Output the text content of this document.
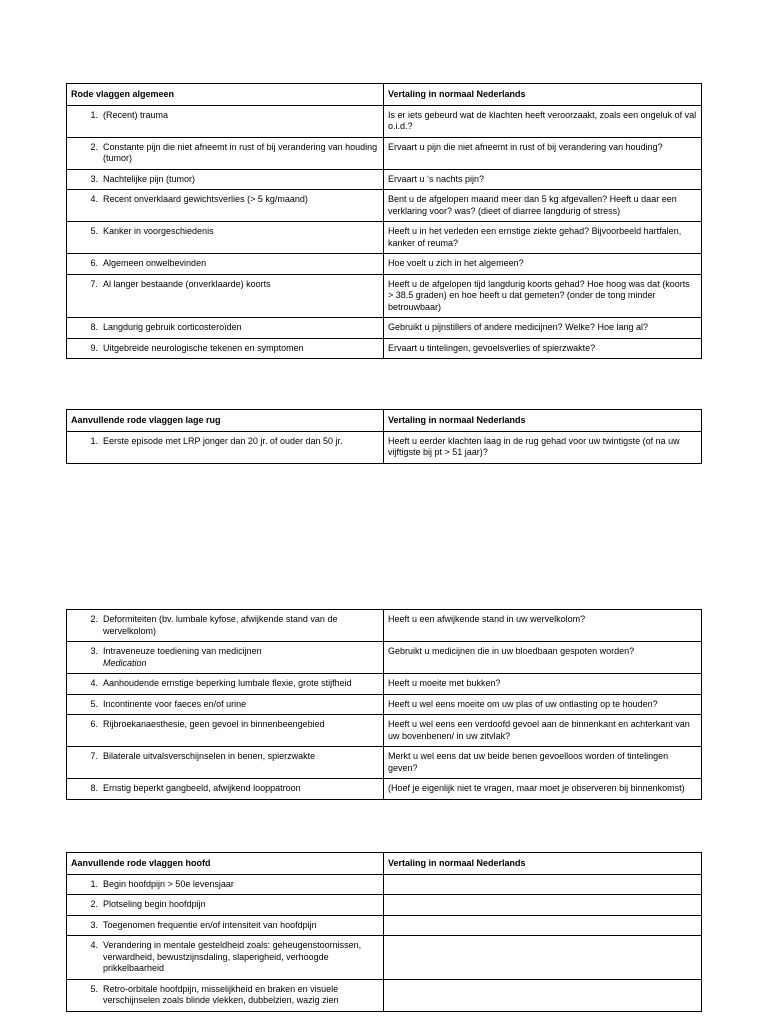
Rode vlaggen algemeen	Vertaling in normaal Nederlands

1. (Recent) trauma	Is er iets gebeurd wat de klachten heeft veroorzaakt, zoals een ongeluk of val o.i.d.?

2. Constante pijn die niet afneemt in rust of bij verandering van houding (tumor)	Ervaart u pijn die niet afneemt in rust of bij verandering van houding?

3. Nachtelijke pijn (tumor)	Ervaart u ‘s nachts pijn?

4. Recent onverklaard gewichtsverlies (> 5 kg/maand)	Bent u de afgelopen maand meer dan 5 kg afgevallen? Heeft u daar een verklaring voor? was? (dieet of diarree langdurig of stress)

5. Kanker in voorgeschiedenis	Heeft u in het verleden een ernstige ziekte gehad? Bijvoorbeeld hartfalen, kanker of reuma?

6. Algemeen onwelbevinden	Hoe voelt u zich in het algemeen?

7. Al langer bestaande (onverklaarde) koorts	Heeft u de afgelopen tijd langdurig koorts gehad? Hoe hoog was dat (koorts > 38.5 graden) en hoe heeft u dat gemeten? (onder de tong minder betrouwbaar)

8. Langdurig gebruik corticosteroïden	Gebruikt u pijnstillers of andere medicijnen? Welke? Hoe lang al?

9. Uitgebreide neurologische tekenen en symptomen	Ervaart u tintelingen, gevoelsverlies of spierzwakte?
Aanvullende rode vlaggen lage rug	Vertaling in normaal Nederlands

1. Eerste episode met LRP jonger dan 20 jr. of ouder dan 50 jr.	Heeft u eerder klachten laag in de rug gehad voor uw twintigste (of na uw vijftigste bij pt > 51 jaar)?
2. Deformiteiten (bv. lumbale kyfose, afwijkende stand van de wervelkolom)	Heeft u een afwijkende stand in uw wervelkolom?

3. Intraveneuze toediening van medicijnen
Medication	Gebruikt u medicijnen die in uw bloedbaan gespoten worden?

4. Aanhoudende ernstige beperking lumbale flexie, grote stijfheid	Heeft u moeite met bukken?

5. Incontinente voor faeces en/of urine	Heeft u wel eens moeite om uw plas of uw ontlasting op te houden?

6. Rijbroekanaesthesie, geen gevoel in binnenbeengebied	Heeft u wel eens een verdoofd gevoel aan de binnenkant en achterkant van uw bovenbenen/ in uw zitvlak?

7. Bilaterale uitvalsverschijnselen in benen, spierzwakte	Merkt u wel eens dat uw beide benen gevoelloos worden of tintelingen geven?

8. Ernstig beperkt gangbeeld, afwijkend looppatroon	(Hoef je eigenlijk niet te vragen, maar moet je observeren bij binnenkomst)
Aanvullende rode vlaggen hoofd	Vertaling in normaal Nederlands

1. Begin hoofdpijn > 50e levensjaar	

2. Plotseling begin hoofdpijn	

3. Toegenomen frequentie en/of intensiteit van hoofdpijn	

4. Verandering in mentale gesteldheid zoals: geheugenstoornissen, verwardheid, bewustzijnsdaling, slaperigheid, verhoogde prikkelbaarheid	

5. Retro-orbitale hoofdpijn, misselijkheid en braken en visuele verschijnselen zoals blinde vlekken, dubbelzien, wazig zien	
